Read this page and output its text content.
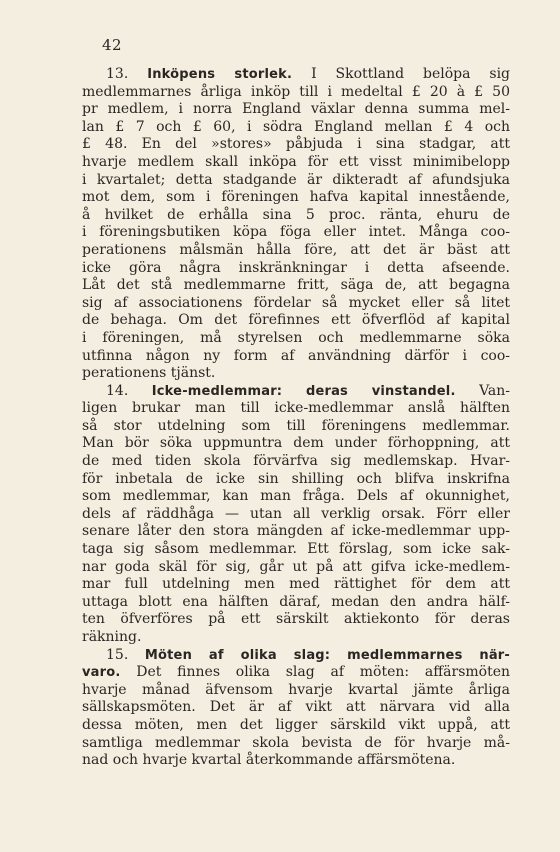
42
13. Inköpens storlek. I Skottland belöpa sig
medlemmarnes årliga inköp till i medeltal £ 20 à £ 50
pr medlem, i norra England växlar denna summa mel-
lan £ 7 och £ 60, i södra England mellan £ 4 och
£ 48. En del »stores» påbjuda i sina stadgar, att
hvarje medlem skall inköpa för ett visst minimibelopp
i kvartalet; detta stadgande är dikteradt af afundsjuka
mot dem, som i föreningen hafva kapital innestående,
å hvilket de erhålla sina 5 proc. ränta, ehuru de
i föreningsbutiken köpa föga eller intet. Många coo-
perationens målsmän hålla före, att det är bäst att
icke göra några inskränkningar i detta afseende.
Låt det stå medlemmarne fritt, säga de, att begagna
sig af associationens fördelar så mycket eller så litet
de behaga. Om det förefinnes ett öfverflöd af kapital
i föreningen, må styrelsen och medlemmarne söka
utfinna någon ny form af användning därför i coo-
perationens tjänst.
14. Icke-medlemmar: deras vinstandel. Van-
ligen brukar man till icke-medlemmar anslå hälften
så stor utdelning som till föreningens medlemmar.
Man bör söka uppmuntra dem under förhoppning, att
de med tiden skola förvärfva sig medlemskap. Hvar-
för inbetala de icke sin shilling och blifva inskrifna
som medlemmar, kan man fråga. Dels af okunnighet,
dels af räddhåga — utan all verklig orsak. Förr eller
senare låter den stora mängden af icke-medlemmar upp-
taga sig såsom medlemmar. Ett förslag, som icke sak-
nar goda skäl för sig, går ut på att gifva icke-medlem-
mar full utdelning men med rättighet för dem att
uttaga blott ena hälften däraf, medan den andra hälf-
ten öfverföres på ett särskilt aktiekonto för deras
räkning.
15. Möten af olika slag: medlemmarnes när-
varo. Det finnes olika slag af möten: affärsmöten
hvarje månad äfvensom hvarje kvartal jämte årliga
sällskapsmöten. Det är af vikt att närvara vid alla
dessa möten, men det ligger särskild vikt uppå, att
samtliga medlemmar skola bevista de för hvarje må-
nad och hvarje kvartal återkommande affärsmötena.
